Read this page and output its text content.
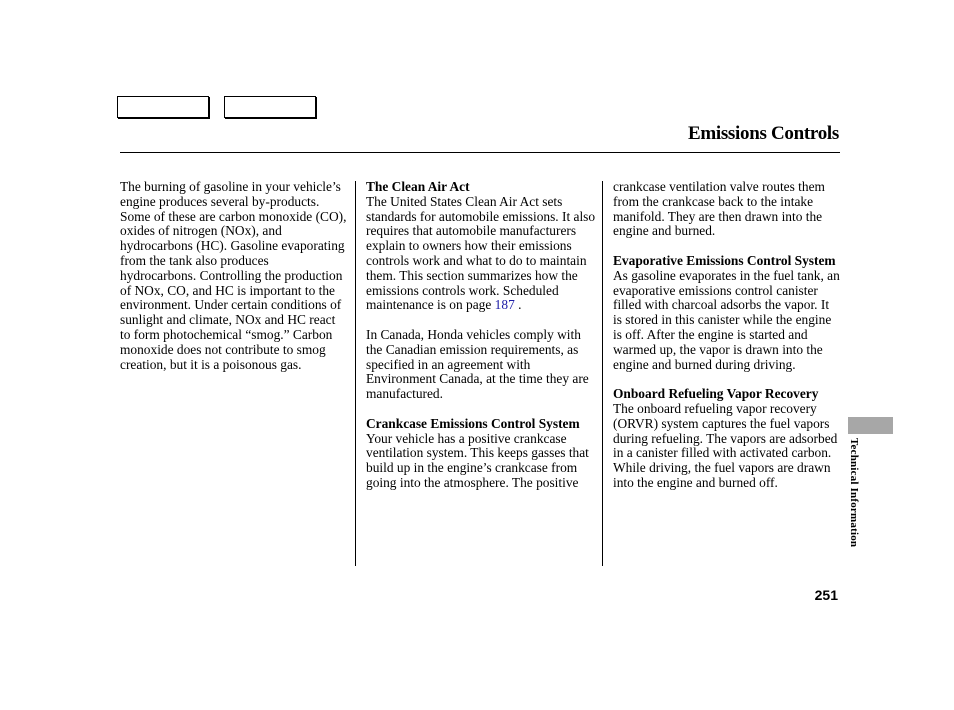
Emissions Controls

The burning of gasoline in your vehicle’s engine produces several by-products. Some of these are carbon monoxide (CO), oxides of nitrogen (NOx), and hydrocarbons (HC). Gasoline evaporating from the tank also produces hydrocarbons. Controlling the production of NOx, CO, and HC is important to the environment. Under certain conditions of sunlight and climate, NOx and HC react to form photochemical “smog.” Carbon monoxide does not contribute to smog creation, but it is a poisonous gas.

The Clean Air Act

The United States Clean Air Act sets standards for automobile emissions. It also requires that automobile manufacturers explain to owners how their emissions controls work and what to do to maintain them. This section summarizes how the emissions controls work. Scheduled maintenance is on page 187 .

In Canada, Honda vehicles comply with the Canadian emission requirements, as specified in an agreement with Environment Canada, at the time they are manufactured.

Crankcase Emissions Control System

Your vehicle has a positive crankcase ventilation system. This keeps gasses that build up in the engine’s crankcase from going into the atmosphere. The positive

crankcase ventilation valve routes them from the crankcase back to the intake manifold. They are then drawn into the engine and burned.

Evaporative Emissions Control System

As gasoline evaporates in the fuel tank, an evaporative emissions control canister filled with charcoal adsorbs the vapor. It is stored in this canister while the engine is off. After the engine is started and warmed up, the vapor is drawn into the engine and burned during driving.

Onboard Refueling Vapor Recovery

The onboard refueling vapor recovery (ORVR) system captures the fuel vapors during refueling. The vapors are adsorbed in a canister filled with activated carbon. While driving, the fuel vapors are drawn into the engine and burned off.	Technical Information
251
